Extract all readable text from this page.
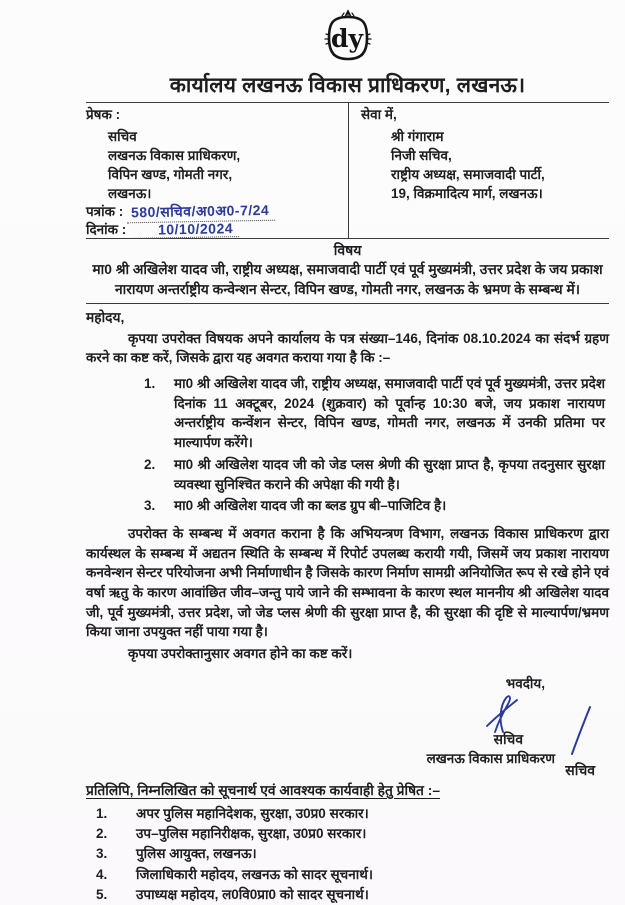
dy
कार्यालय लखनऊ विकास प्राधिकरण, लखनऊ।
प्रेषक :
सचिव
लखनऊ विकास प्राधिकरण,
विपिन खण्ड, गोमती नगर,
लखनऊ।
पत्रांक : 580/सचिव/अ0अ0-7/24
दिनांक : 10/10/2024
सेवा में,
श्री गंगाराम
निजी सचिव,
राष्ट्रीय अध्यक्ष, समाजवादी पार्टी,
19, विक्रमादित्य मार्ग, लखनऊ।
विषय
मा0 श्री अखिलेश यादव जी, राष्ट्रीय अध्यक्ष, समाजवादी पार्टी एवं पूर्व मुख्यमंत्री, उत्तर प्रदेश के जय प्रकाश नारायण अन्तर्राष्ट्रीय कन्वेन्शन सेन्टर, विपिन खण्ड, गोमती नगर, लखनऊ के भ्रमण के सम्बन्ध में।
महोदय,

कृपया उपरोक्त विषयक अपने कार्यालय के पत्र संख्या–146, दिनांक 08.10.2024 का संदर्भ ग्रहण करने का कष्ट करें, जिसके द्वारा यह अवगत कराया गया है कि :–

1.	मा0 श्री अखिलेश यादव जी, राष्ट्रीय अध्यक्ष, समाजवादी पार्टी एवं पूर्व मुख्यमंत्री, उत्तर प्रदेश दिनांक 11 अक्टूबर, 2024 (शुक्रवार) को पूर्वान्ह 10:30 बजे, जय प्रकाश नारायण अन्तर्राष्ट्रीय कन्वेंशन सेन्टर, विपिन खण्ड, गोमती नगर, लखनऊ में उनकी प्रतिमा पर माल्यार्पण करेंगे।
2.	मा0 श्री अखिलेश यादव जी को जेड प्लस श्रेणी की सुरक्षा प्राप्त है, कृपया तदनुसार सुरक्षा व्यवस्था सुनिश्चित कराने की अपेक्षा की गयी है।
3.	मा0 श्री अखिलेश यादव जी का ब्लड ग्रुप बी–पाजिटिव है।

उपरोक्त के सम्बन्ध में अवगत कराना है कि अभियन्त्रण विभाग, लखनऊ विकास प्राधिकरण द्वारा कार्यस्थल के सम्बन्ध में अद्यतन स्थिति के सम्बन्ध में रिपोर्ट उपलब्ध करायी गयी, जिसमें जय प्रकाश नारायण कनवेन्शन सेन्टर परियोजना अभी निर्माणाधीन है जिसके कारण निर्माण सामग्री अनियोजित रूप से रखे होने एवं वर्षा ऋतु के कारण आवांछित जीव–जन्तु पाये जाने की सम्भावना के कारण स्थल माननीय श्री अखिलेश यादव जी, पूर्व मुख्यमंत्री, उत्तर प्रदेश, जो जेड प्लस श्रेणी की सुरक्षा प्राप्त है, की सुरक्षा की दृष्टि से माल्यार्पण/भ्रमण किया जाना उपयुक्त नहीं पाया गया है।

कृपया उपरोक्तानुसार अवगत होने का कष्ट करें।

भवदीय,
सचिव
लखनऊ विकास प्राधिकरण
प्रतिलिपि, निम्नलिखित को सूचनार्थ एवं आवश्यक कार्यवाही हेतु प्रेषित :–
1.	अपर पुलिस महानिदेशक, सुरक्षा, उ0प्र0 सरकार।
2.	उप–पुलिस महानिरीक्षक, सुरक्षा, उ0प्र0 सरकार।
3.	पुलिस आयुक्त, लखनऊ।
4.	जिलाधिकारी महोदय, लखनऊ को सादर सूचनार्थ।
5.	उपाध्यक्ष महोदय, ल0वि0प्रा0 को सादर सूचनार्थ।
सचिव
